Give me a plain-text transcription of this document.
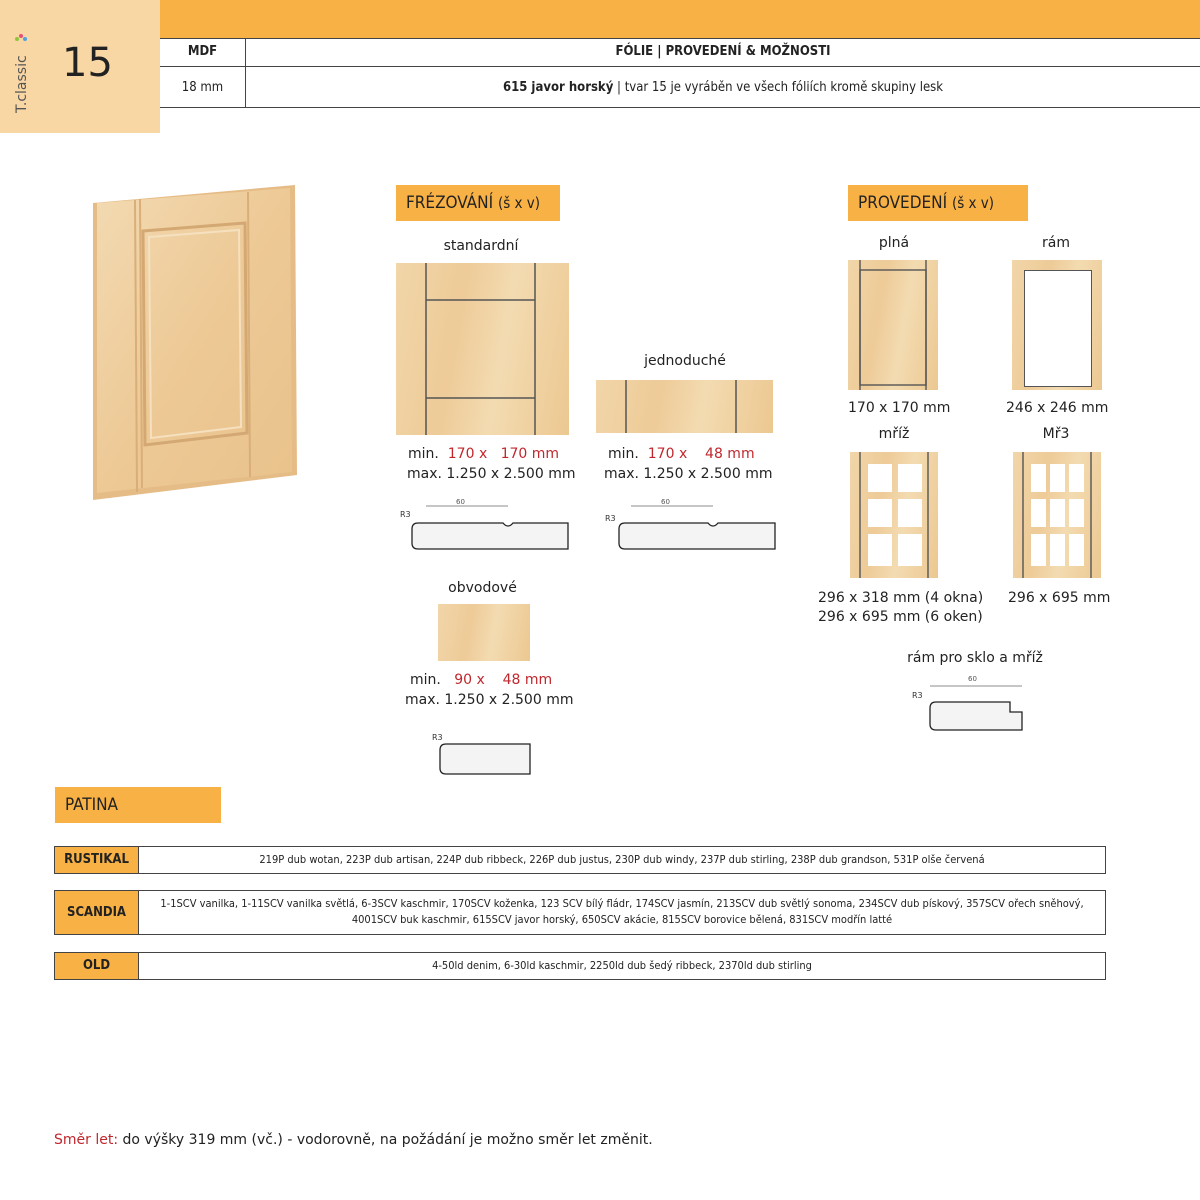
15
T.classic
MDF
18 mm
FÓLIE | PROVEDENÍ & MOŽNOSTI
615 javor horský | tvar 15 je vyráběn ve všech fóliích kromě skupiny lesk
FRÉZOVÁNÍ (š x v)
standardní
min. 170 x 170 mm
max. 1.250 x 2.500 mm
R3
60
jednoduché
min. 170 x 48 mm
max. 1.250 x 2.500 mm
R3
60
obvodové
min. 90 x 48 mm
max. 1.250 x 2.500 mm
R3
PROVEDENÍ (š x v)
plná
170 x 170 mm
rám
246 x 246 mm
mříž
296 x 318 mm (4 okna)
296 x 695 mm (6 oken)
Mř3
296 x 695 mm
rám pro sklo a mříž
R3
60
PATINA
RUSTIKAL	219P dub wotan, 223P dub artisan, 224P dub ribbeck, 226P dub justus, 230P dub windy, 237P dub stirling, 238P dub grandson, 531P olše červená
SCANDIA
1-1SCV vanilka, 1-11SCV vanilka světlá, 6-3SCV kaschmir, 170SCV koženka, 123 SCV bílý fládr, 174SCV jasmín, 213SCV dub světlý sonoma, 234SCV dub pískový, 357SCV ořech sněhový,
4001SCV buk kaschmir, 615SCV javor horský, 650SCV akácie, 815SCV borovice bělená, 831SCV modřín latté
OLD	4-50ld denim, 6-30ld kaschmir, 2250ld dub šedý ribbeck, 2370ld dub stirling
Směr let: do výšky 319 mm (vč.) - vodorovně, na požádání je možno směr let změnit.
